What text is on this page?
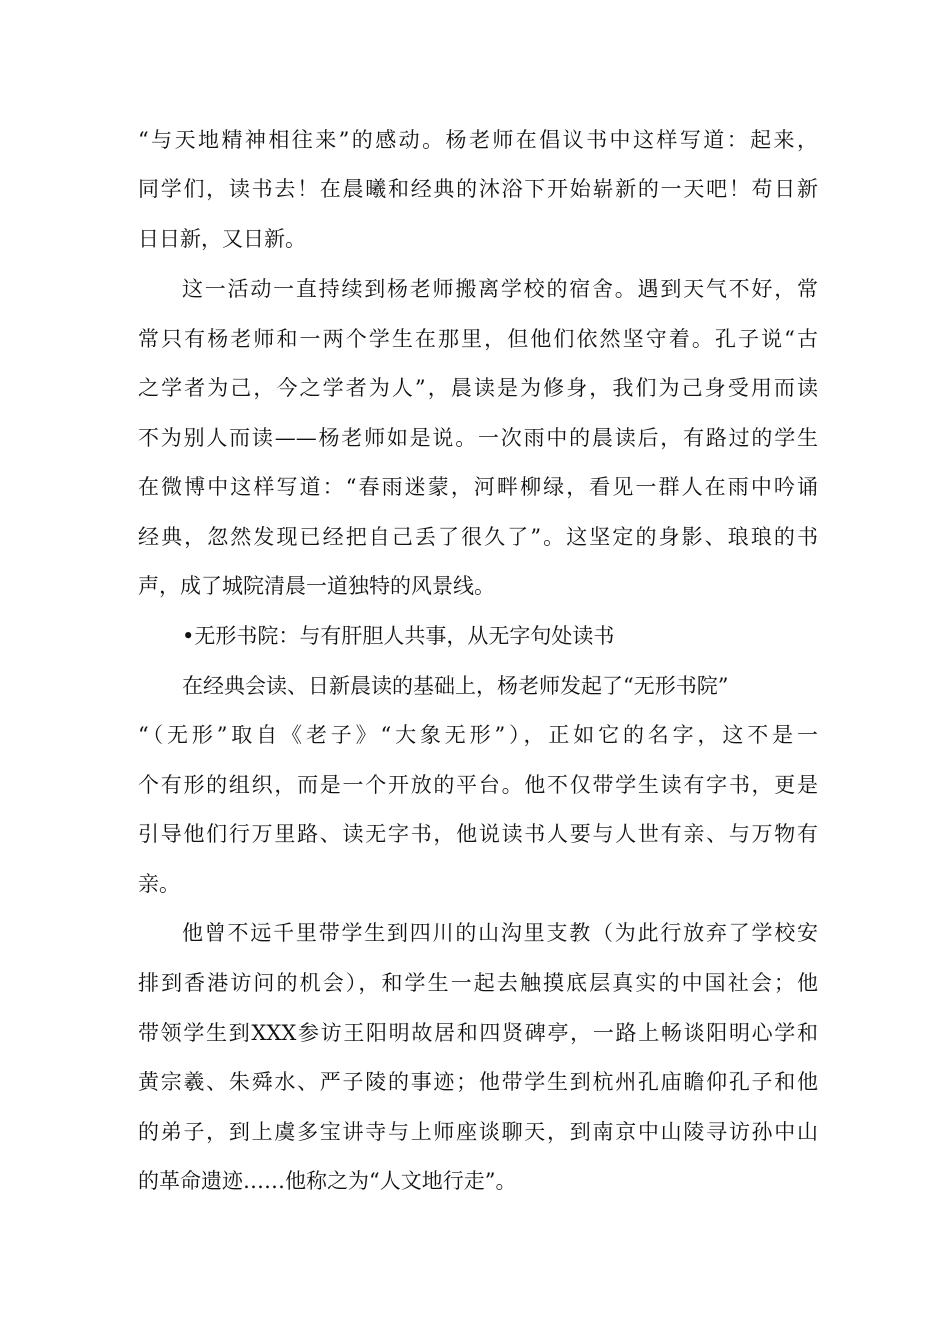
“与天地精神相往来”的感动。杨老师在倡议书中这样写道：起来，
同学们，读书去！在晨曦和经典的沐浴下开始崭新的一天吧！苟日新
日日新，又日新。
这一活动一直持续到杨老师搬离学校的宿舍。遇到天气不好，常
常只有杨老师和一两个学生在那里，但他们依然坚守着。孔子说“古
之学者为己，今之学者为人”，晨读是为修身，我们为己身受用而读
不为别人而读——杨老师如是说。一次雨中的晨读后，有路过的学生
在微博中这样写道：“春雨迷蒙，河畔柳绿，看见一群人在雨中吟诵
经典，忽然发现已经把自己丢了很久了”。这坚定的身影、琅琅的书
声，成了城院清晨一道独特的风景线。
•无形书院：与有肝胆人共事，从无字句处读书
在经典会读、日新晨读的基础上，杨老师发起了“无形书院”
“（无形”取自《老子》“大象无形”），正如它的名字，这不是一
个有形的组织，而是一个开放的平台。他不仅带学生读有字书，更是
引导他们行万里路、读无字书，他说读书人要与人世有亲、与万物有
亲。
他曾不远千里带学生到四川的山沟里支教（为此行放弃了学校安
排到香港访问的机会），和学生一起去触摸底层真实的中国社会；他
带领学生到XXX参访王阳明故居和四贤碑亭，一路上畅谈阳明心学和
黄宗羲、朱舜水、严子陵的事迹；他带学生到杭州孔庙瞻仰孔子和他
的弟子，到上虞多宝讲寺与上师座谈聊天，到南京中山陵寻访孙中山
的革命遗迹……他称之为“人文地行走”。
